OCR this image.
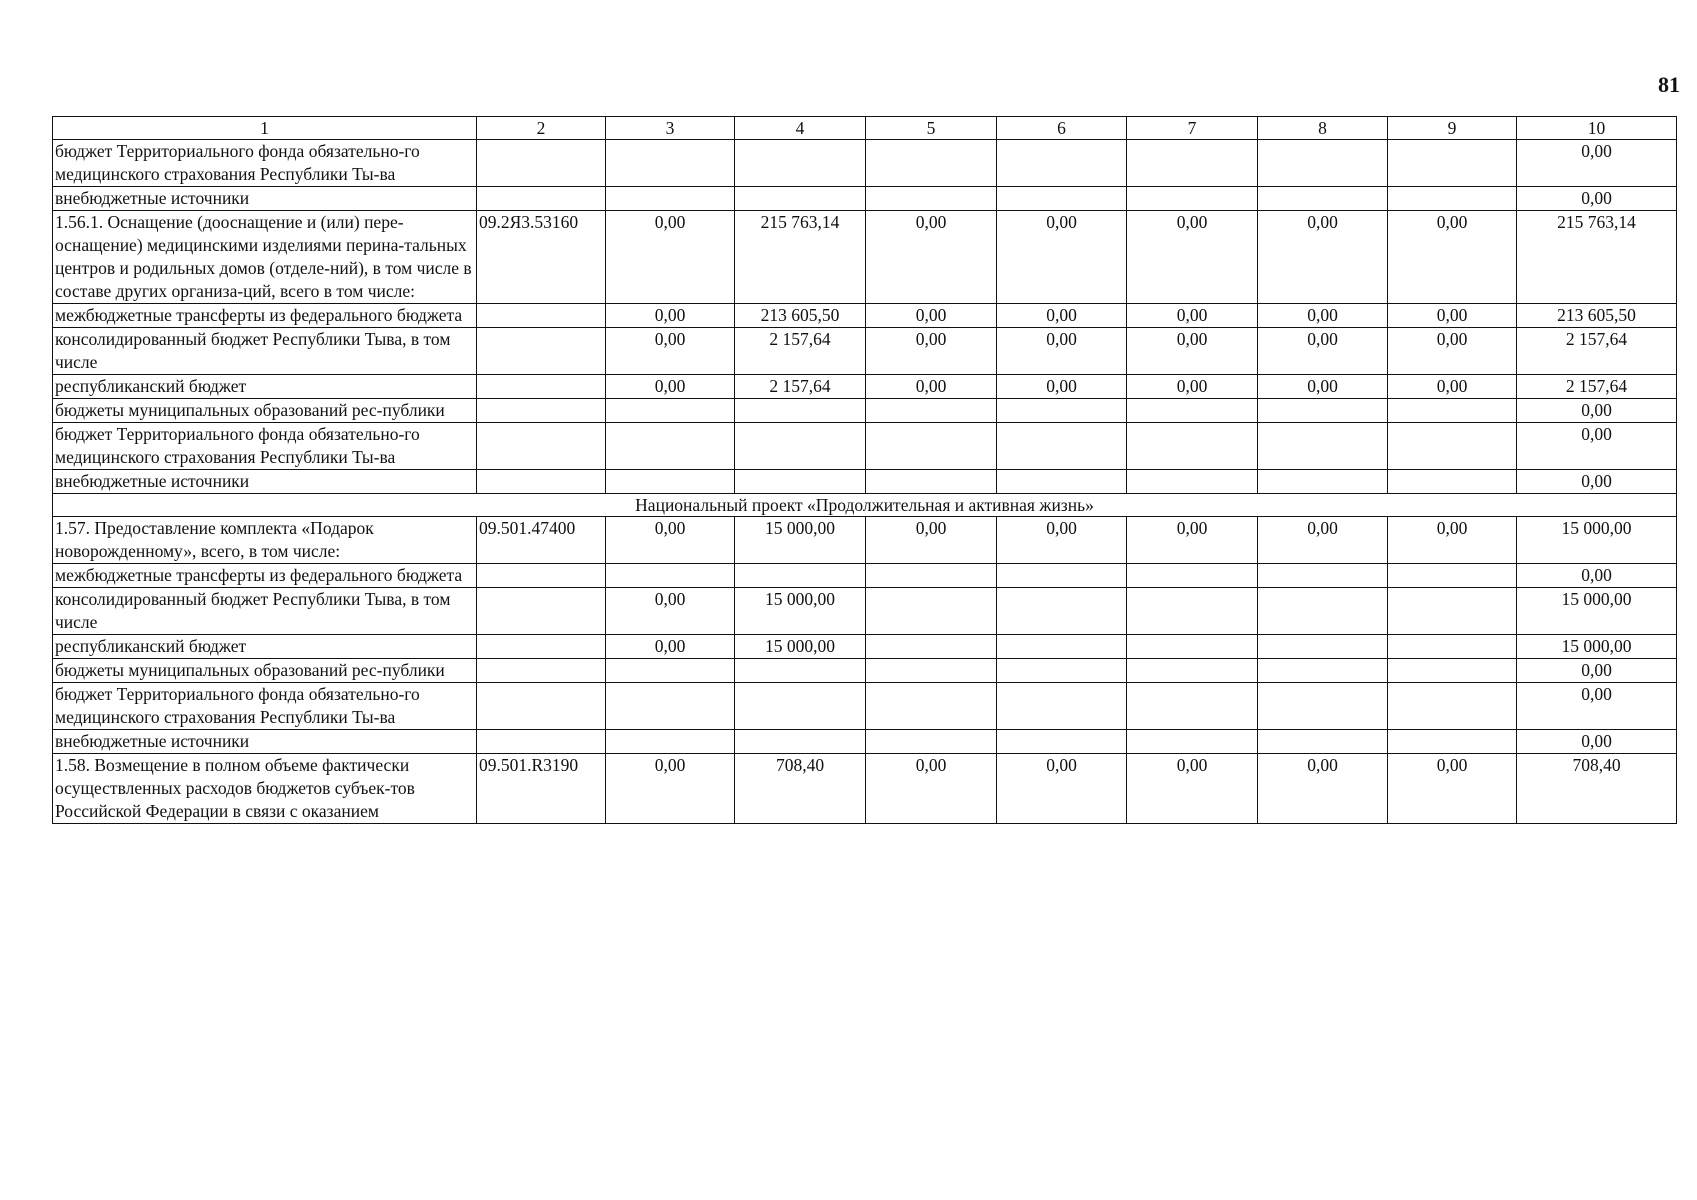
81
1	2	3	4	5	6	7	8	9	10
бюджет Территориального фонда обязательно-го медицинского страхования Республики Ты-ва									0,00
внебюджетные источники									0,00
1.56.1. Оснащение (дооснащение и (или) пере-оснащение) медицинскими изделиями перина-тальных центров и родильных домов (отделе-ний), в том числе в составе других организа-ций, всего в том числе:	09.2Я3.53160	0,00	215 763,14	0,00	0,00	0,00	0,00	0,00	215 763,14
межбюджетные трансферты из федерального бюджета		0,00	213 605,50	0,00	0,00	0,00	0,00	0,00	213 605,50
консолидированный бюджет Республики Тыва, в том числе		0,00	2 157,64	0,00	0,00	0,00	0,00	0,00	2 157,64
республиканский бюджет		0,00	2 157,64	0,00	0,00	0,00	0,00	0,00	2 157,64
бюджеты муниципальных образований рес-публики									0,00
бюджет Территориального фонда обязательно-го медицинского страхования Республики Ты-ва									0,00
внебюджетные источники									0,00
Национальный проект «Продолжительная и активная жизнь»									
1.57. Предоставление комплекта «Подарок новорожденному», всего, в том числе:	09.501.47400	0,00	15 000,00	0,00	0,00	0,00	0,00	0,00	15 000,00
межбюджетные трансферты из федерального бюджета									0,00
консолидированный бюджет Республики Тыва, в том числе		0,00	15 000,00						15 000,00
республиканский бюджет		0,00	15 000,00						15 000,00
бюджеты муниципальных образований рес-публики									0,00
бюджет Территориального фонда обязательно-го медицинского страхования Республики Ты-ва									0,00
внебюджетные источники									0,00
1.58. Возмещение в полном объеме фактически осуществленных расходов бюджетов субъек-тов Российской Федерации в связи с оказанием	09.501.R3190	0,00	708,40	0,00	0,00	0,00	0,00	0,00	708,40
